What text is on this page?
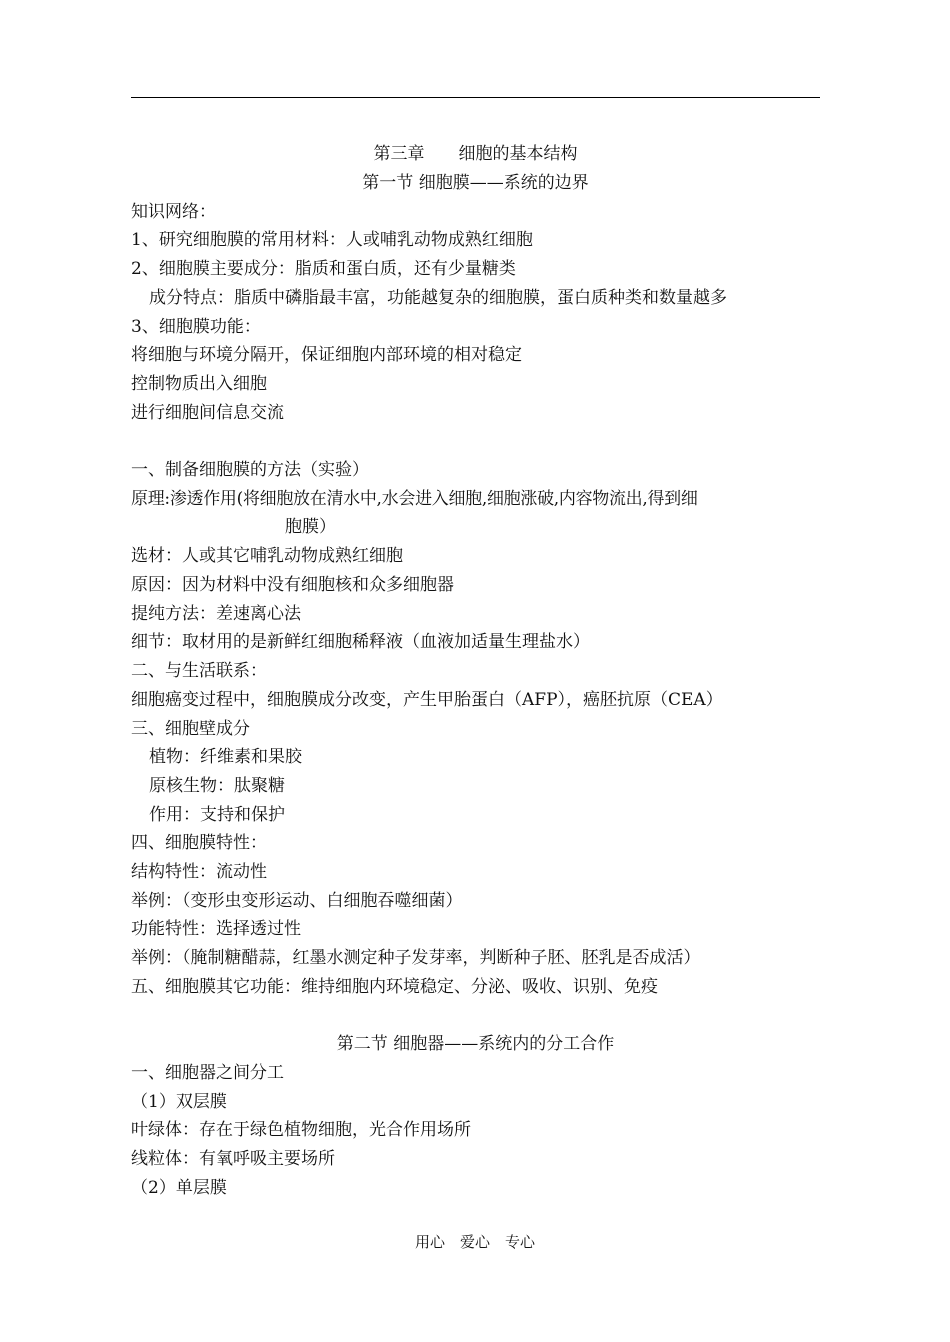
第三章　　细胞的基本结构
第一节 细胞膜——系统的边界
知识网络：
1、研究细胞膜的常用材料：人或哺乳动物成熟红细胞
2、细胞膜主要成分：脂质和蛋白质，还有少量糖类
成分特点：脂质中磷脂最丰富，功能越复杂的细胞膜，蛋白质种类和数量越多
3、细胞膜功能：
将细胞与环境分隔开，保证细胞内部环境的相对稳定
控制物质出入细胞
进行细胞间信息交流
一、制备细胞膜的方法（实验）
原理:渗透作用(将细胞放在清水中,水会进入细胞,细胞涨破,内容物流出,得到细
胞膜）
选材：人或其它哺乳动物成熟红细胞
原因：因为材料中没有细胞核和众多细胞器
提纯方法：差速离心法
细节：取材用的是新鲜红细胞稀释液（血液加适量生理盐水）
二、与生活联系：
细胞癌变过程中，细胞膜成分改变，产生甲胎蛋白（AFP），癌胚抗原（CEA）
三、细胞壁成分
植物：纤维素和果胶
原核生物：肽聚糖
作用：支持和保护
四、细胞膜特性：
结构特性：流动性
举例：（变形虫变形运动、白细胞吞噬细菌）
功能特性：选择透过性
举例：（腌制糖醋蒜，红墨水测定种子发芽率，判断种子胚、胚乳是否成活）
五、细胞膜其它功能：维持细胞内环境稳定、分泌、吸收、识别、免疫
第二节 细胞器——系统内的分工合作
一、细胞器之间分工
（1）双层膜
叶绿体：存在于绿色植物细胞，光合作用场所
线粒体：有氧呼吸主要场所
（2）单层膜
用心　爱心　专心
